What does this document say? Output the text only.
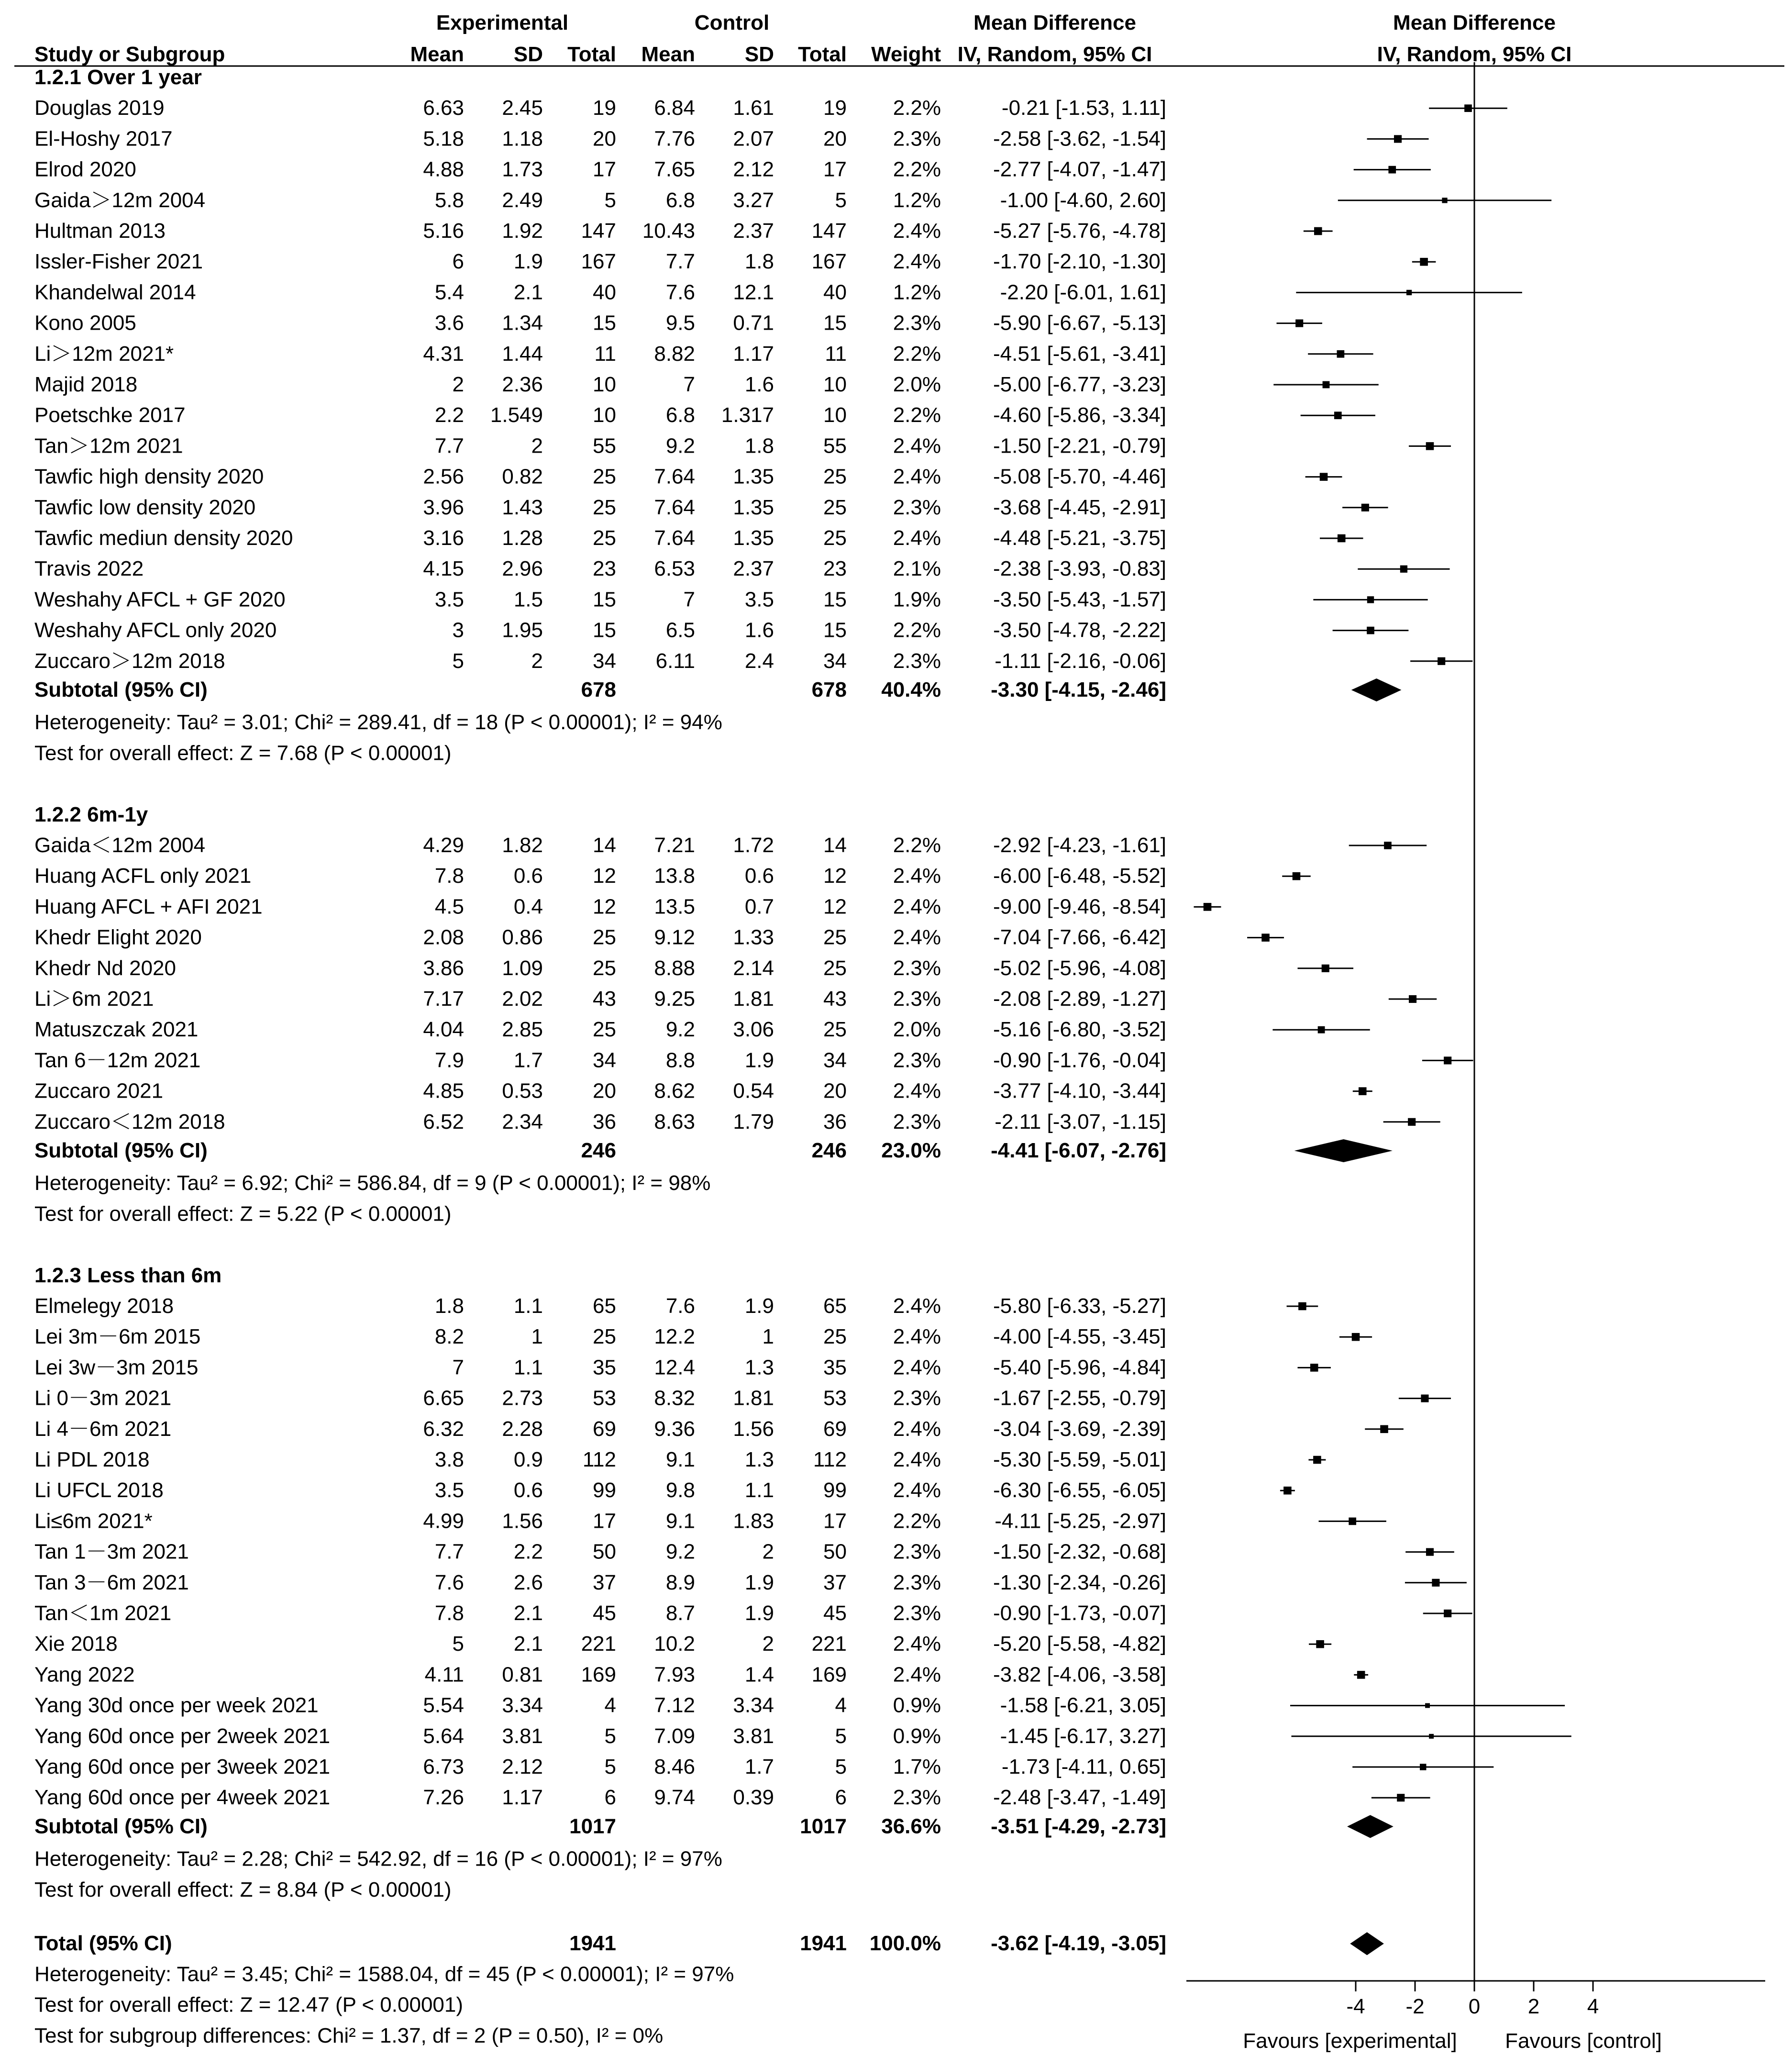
Experimental	Control	Mean Difference	Mean Difference
Study or Subgroup	Mean SD Total Mean SD Total Weight IV, Random, 95% CI	IV, Random, 95% CI
1.2.1 Over 1 year
Douglas 2019	6.63 2.45 19 6.84 1.61 19 2.2%	-0.21 [-1.53, 1.11]
El-Hoshy 2017	5.18 1.18 20 7.76 2.07 20 2.3% -2.58 [-3.62, -1.54]
Elrod 2020	4.88 1.73 17 7.65 2.12 17 2.2% -2.77 [-4.07, -1.47]
Gaida＞12m 2004	5.8 2.49	5 6.8 3.27	5 1.2%	-1.00 [-4.60, 2.60]
Hultman 2013	5.16 1.92 147 10.43 2.37 147 2.4% -5.27 [-5.76, -4.78]
Issler-Fisher 2021	6 1.9 167 7.7 1.8 167 2.4% -1.70 [-2.10, -1.30]
Khandelwal 2014	5.4 2.1 40 7.6 12.1 40 1.2%	-2.20 [-6.01, 1.61]
Kono 2005	3.6 1.34 15 9.5 0.71 15 2.3% -5.90 [-6.67, -5.13]
Li＞12m 2021*	4.31 1.44 11 8.82 1.17 11 2.2% -4.51 [-5.61, -3.41]
Majid 2018	2 2.36 10	7 1.6 10 2.0% -5.00 [-6.77, -3.23]
Poetschke 2017	2.2 1.549 10 6.8 1.317 10 2.2% -4.60 [-5.86, -3.34]
Tan＞12m 2021	7.7	2 55 9.2 1.8 55 2.4% -1.50 [-2.21, -0.79]
Tawfic high density 2020	2.56 0.82 25 7.64 1.35 25 2.4% -5.08 [-5.70, -4.46]
Tawfic low density 2020	3.96 1.43 25 7.64 1.35 25 2.3% -3.68 [-4.45, -2.91]
Tawfic mediun density 2020	3.16 1.28 25 7.64 1.35 25 2.4% -4.48 [-5.21, -3.75]
Travis 2022	4.15 2.96 23 6.53 2.37 23 2.1% -2.38 [-3.93, -0.83]
Weshahy AFCL + GF 2020	3.5 1.5 15	7 3.5 15 1.9% -3.50 [-5.43, -1.57]
Weshahy AFCL only 2020	3 1.95 15 6.5 1.6 15 2.2% -3.50 [-4.78, -2.22]
Zuccaro＞12m 2018	5	2 34 6.11 2.4 34 2.3%	-1.11 [-2.16, -0.06]
Subtotal (95% CI)	678	678 40.4% -3.30 [-4.15, -2.46]
Heterogeneity: Tau² = 3.01; Chi² = 289.41, df = 18 (P < 0.00001); I² = 94%
Test for overall effect: Z = 7.68 (P < 0.00001)
1.2.2 6m-1y
Gaida＜12m 2004	4.29 1.82 14 7.21 1.72 14 2.2% -2.92 [-4.23, -1.61]
Huang ACFL only 2021	7.8 0.6 12 13.8 0.6 12 2.4% -6.00 [-6.48, -5.52]
Huang AFCL + AFI 2021	4.5 0.4 12 13.5 0.7 12 2.4% -9.00 [-9.46, -8.54]
Khedr Elight 2020	2.08 0.86 25 9.12 1.33 25 2.4% -7.04 [-7.66, -6.42]
Khedr Nd 2020	3.86 1.09 25 8.88 2.14 25 2.3% -5.02 [-5.96, -4.08]
Li＞6m 2021	7.17 2.02 43 9.25 1.81 43 2.3% -2.08 [-2.89, -1.27]
Matuszczak 2021	4.04 2.85 25 9.2 3.06 25 2.0% -5.16 [-6.80, -3.52]
Tan 6－12m 2021	7.9 1.7 34 8.8 1.9 34 2.3% -0.90 [-1.76, -0.04]
Zuccaro 2021	4.85 0.53 20 8.62 0.54 20 2.4% -3.77 [-4.10, -3.44]
Zuccaro＜12m 2018	6.52 2.34 36 8.63 1.79 36 2.3%	-2.11 [-3.07, -1.15]
Subtotal (95% CI)	246	246 23.0% -4.41 [-6.07, -2.76]
Heterogeneity: Tau² = 6.92; Chi² = 586.84, df = 9 (P < 0.00001); I² = 98%
Test for overall effect: Z = 5.22 (P < 0.00001)
1.2.3 Less than 6m
Elmelegy 2018	1.8 1.1 65 7.6 1.9 65 2.4% -5.80 [-6.33, -5.27]
Lei 3m－6m 2015	8.2	1 25 12.2	1 25 2.4% -4.00 [-4.55, -3.45]
Lei 3w－3m 2015	7 1.1 35 12.4 1.3 35 2.4% -5.40 [-5.96, -4.84]
Li 0－3m 2021	6.65 2.73 53 8.32 1.81 53 2.3% -1.67 [-2.55, -0.79]
Li 4－6m 2021	6.32 2.28 69 9.36 1.56 69 2.4% -3.04 [-3.69, -2.39]
Li PDL 2018	3.8 0.9 112 9.1 1.3 112 2.4% -5.30 [-5.59, -5.01]
Li UFCL 2018	3.5 0.6 99 9.8 1.1 99 2.4% -6.30 [-6.55, -6.05]
Li≤6m 2021*	4.99 1.56 17 9.1 1.83 17 2.2%	-4.11 [-5.25, -2.97]
Tan 1－3m 2021	7.7 2.2 50 9.2	2 50 2.3% -1.50 [-2.32, -0.68]
Tan 3－6m 2021	7.6 2.6 37 8.9 1.9 37 2.3% -1.30 [-2.34, -0.26]
Tan＜1m 2021	7.8 2.1 45 8.7 1.9 45 2.3% -0.90 [-1.73, -0.07]
Xie 2018	5 2.1 221 10.2	2 221 2.4% -5.20 [-5.58, -4.82]
Yang 2022	4.11 0.81 169 7.93 1.4 169 2.4% -3.82 [-4.06, -3.58]
Yang 30d once per week 2021	5.54 3.34	4 7.12 3.34	4 0.9%	-1.58 [-6.21, 3.05]
Yang 60d once per 2week 2021	5.64 3.81	5 7.09 3.81	5 0.9%	-1.45 [-6.17, 3.27]
Yang 60d once per 3week 2021	6.73 2.12	5 8.46 1.7	5 1.7%	-1.73 [-4.11, 0.65]
Yang 60d once per 4week 2021	7.26 1.17	6 9.74 0.39	6 2.3% -2.48 [-3.47, -1.49]
Subtotal (95% CI)	1017	1017 36.6% -3.51 [-4.29, -2.73]
Heterogeneity: Tau² = 2.28; Chi² = 542.92, df = 16 (P < 0.00001); I² = 97%
Test for overall effect: Z = 8.84 (P < 0.00001)
Total (95% CI)	1941	1941 100.0% -3.62 [-4.19, -3.05]
Heterogeneity: Tau² = 3.45; Chi² = 1588.04, df = 45 (P < 0.00001); I² = 97%
Test for overall effect: Z = 12.47 (P < 0.00001)
Test for subgroup differences: Chi² = 1.37, df = 2 (P = 0.50), I² = 0%
-4 -2 0 2 4
Favours [experimental] Favours [control]
